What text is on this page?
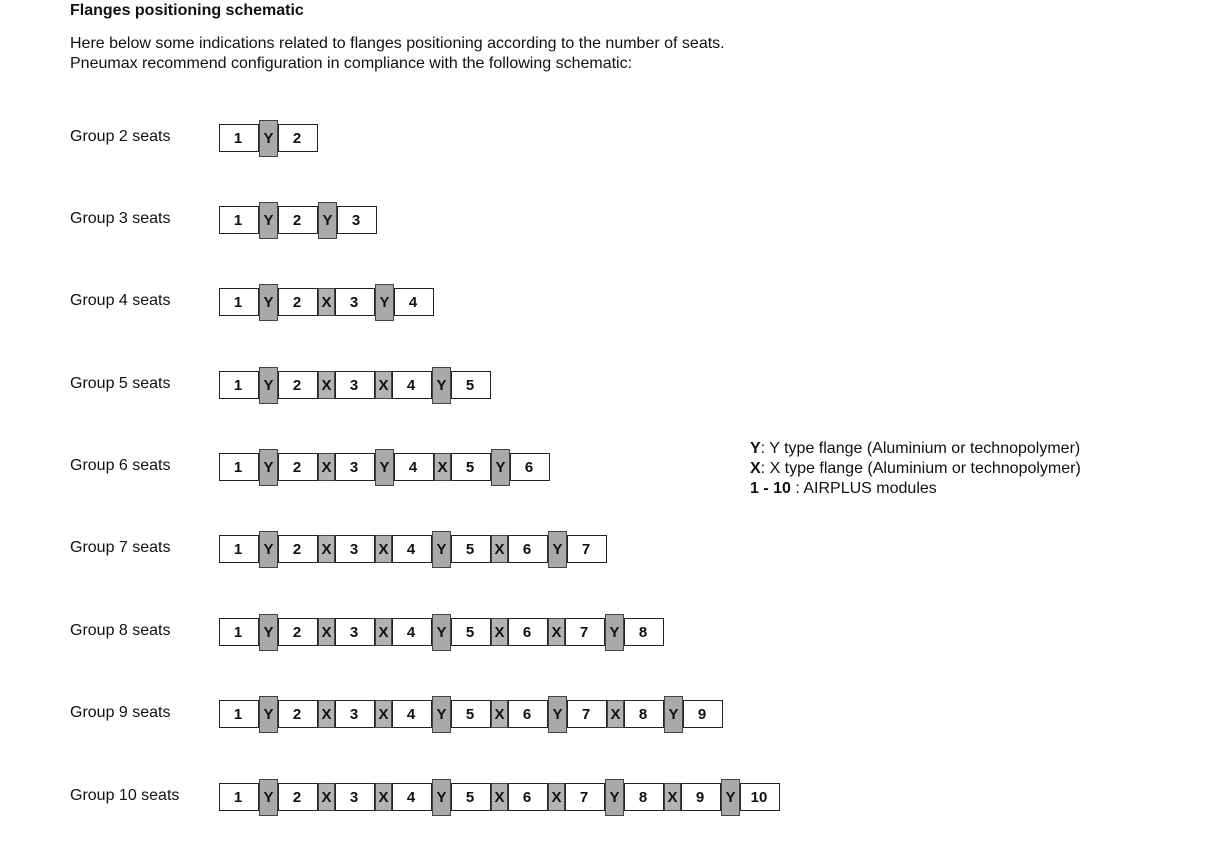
Flanges positioning schematic

Here below some indications related to flanges positioning according to the number of seats.
Pneumax recommend configuration in compliance with the following schematic:

Group 2 seats	1	Y	2
Group 3 seats	1	Y	2	Y	3
Group 4 seats	1	Y	2	X	3	Y	4
Group 5 seats	1	Y	2	X	3	X	4	Y	5
Group 6 seats	1	Y	2	X	3	Y	4	X	5	Y	6
Group 7 seats	1	Y	2	X	3	X	4	Y	5	X	6	Y	7
Group 8 seats	1	Y	2	X	3	X	4	Y	5	X	6	X	7	Y	8
Group 9 seats	1	Y	2	X	3	X	4	Y	5	X	6	Y	7	X	8	Y	9
Group 10 seats	1	Y	2	X	3	X	4	Y	5	X	6	X	7	Y	8	X	9	Y	10
Y: Y type flange (Aluminium or technopolymer)
X: X type flange (Aluminium or technopolymer)
1 - 10 : AIRPLUS modules
